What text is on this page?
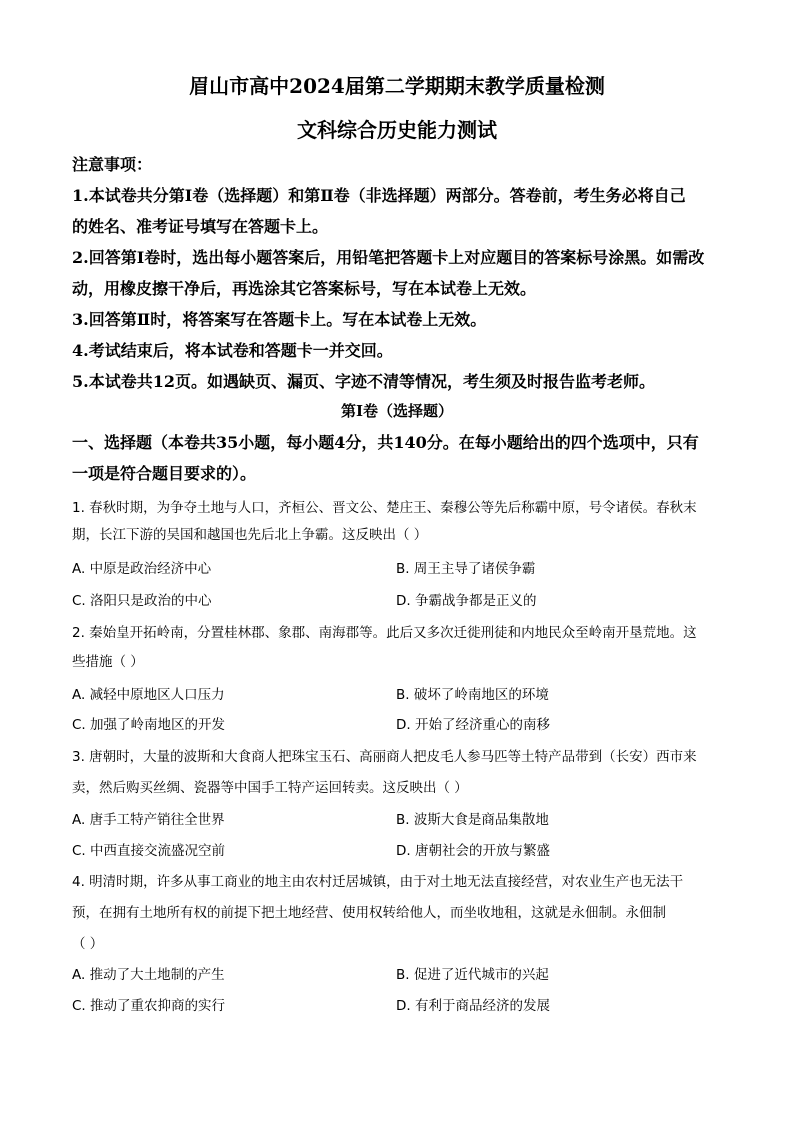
眉山市高中2024届第二学期期末教学质量检测
文科综合历史能力测试
注意事项：
1.本试卷共分第Ⅰ卷（选择题）和第Ⅱ卷（非选择题）两部分。答卷前，考生务必将自己
的姓名、准考证号填写在答题卡上。
2.回答第Ⅰ卷时，选出每小题答案后，用铅笔把答题卡上对应题目的答案标号涂黑。如需改
动，用橡皮擦干净后，再选涂其它答案标号，写在本试卷上无效。
3.回答第Ⅱ时，将答案写在答题卡上。写在本试卷上无效。
4.考试结束后，将本试卷和答题卡一并交回。
5.本试卷共12页。如遇缺页、漏页、字迹不清等情况，考生须及时报告监考老师。
第Ⅰ卷（选择题）
一、选择题（本卷共35小题，每小题4分，共140分。在每小题给出的四个选项中，只有
一项是符合题目要求的）。
1. 春秋时期，为争夺土地与人口，齐桓公、晋文公、楚庄王、秦穆公等先后称霸中原，号令诸侯。春秋末
期，长江下游的吴国和越国也先后北上争霸。这反映出（ ）
A. 中原是政治经济中心	B. 周王主导了诸侯争霸
C. 洛阳只是政治的中心	D. 争霸战争都是正义的
2. 秦始皇开拓岭南，分置桂林郡、象郡、南海郡等。此后又多次迁徙刑徒和内地民众至岭南开垦荒地。这
些措施（ ）
A. 减轻中原地区人口压力	B. 破坏了岭南地区的环境
C. 加强了岭南地区的开发	D. 开始了经济重心的南移
3. 唐朝时，大量的波斯和大食商人把珠宝玉石、高丽商人把皮毛人参马匹等土特产品带到（长安）西市来
卖，然后购买丝绸、瓷器等中国手工特产运回转卖。这反映出（ ）
A. 唐手工特产销往全世界	B. 波斯大食是商品集散地
C. 中西直接交流盛况空前	D. 唐朝社会的开放与繁盛
4. 明清时期，许多从事工商业的地主由农村迁居城镇，由于对土地无法直接经营，对农业生产也无法干
预，在拥有土地所有权的前提下把土地经营、使用权转给他人，而坐收地租，这就是永佃制。永佃制
（ ）
A. 推动了大土地制的产生	B. 促进了近代城市的兴起
C. 推动了重农抑商的实行	D. 有利于商品经济的发展
